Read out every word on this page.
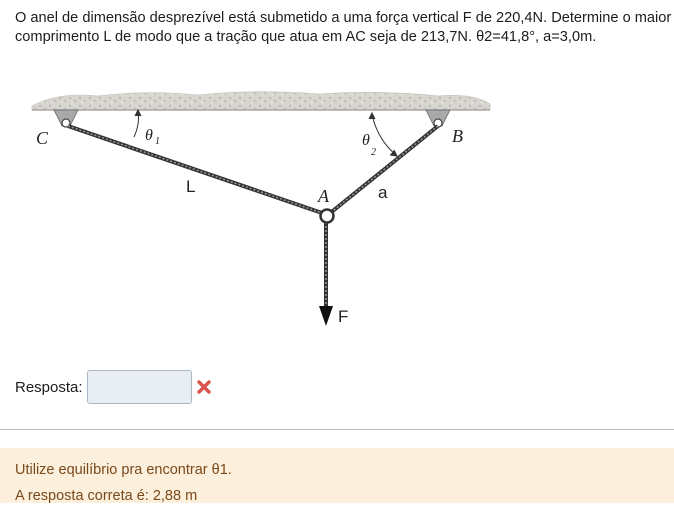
O anel de dimensão desprezível está submetido a uma força vertical F de 220,4N. Determine o maior comprimento L de modo que a tração que atua em AC seja de 213,7N. θ2=41,8°, a=3,0m.
C	B
A
θ 1	θ
2
L	a
F
Resposta:
Utilize equilíbrio pra encontrar θ1.
A resposta correta é: 2,88 m
